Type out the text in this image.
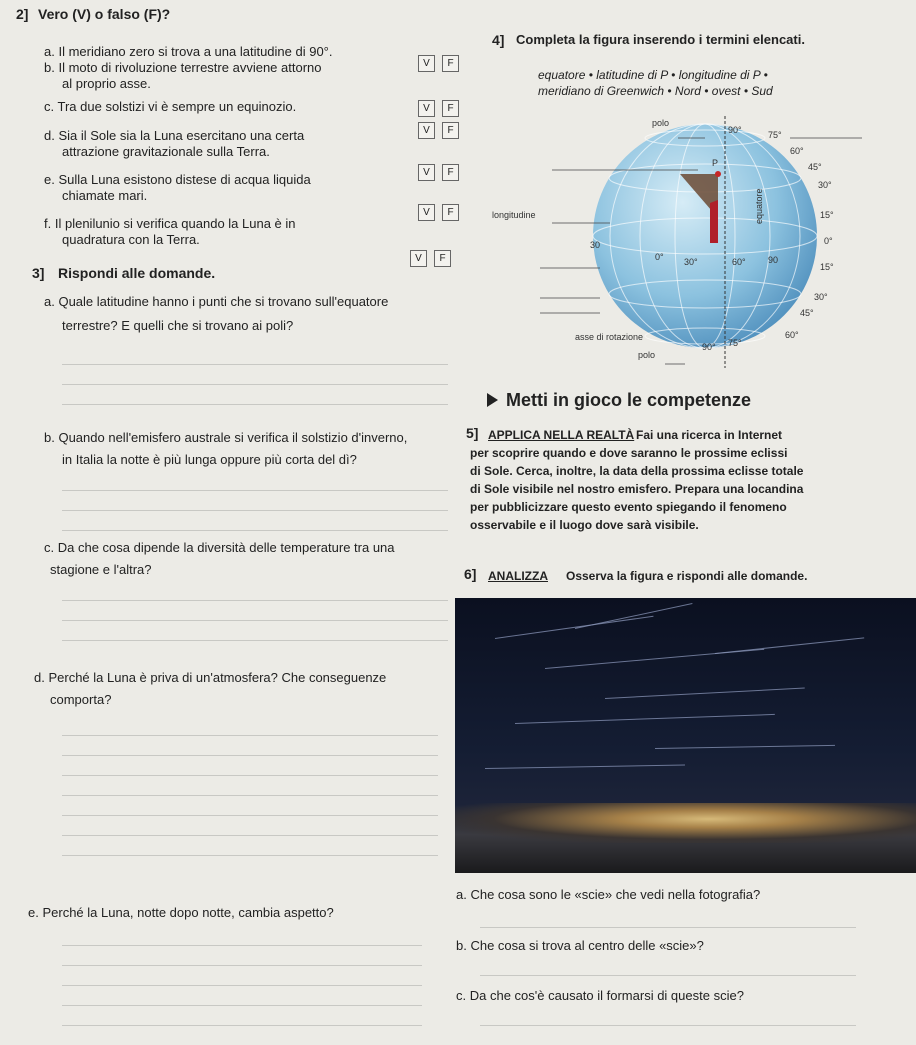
2] Vero (V) o falso (F)?
a. Il meridiano zero si trova a una latitudine di 90°.
V	F
b. Il moto di rivoluzione terrestre avviene attorno
al proprio asse.
V	F
c. Tra due solstizi vi è sempre un equinozio.
V	F
d. Sia il Sole sia la Luna esercitano una certa
attrazione gravitazionale sulla Terra.
V	F
e. Sulla Luna esistono distese di acqua liquida
chiamate mari.
V	F
f. Il plenilunio si verifica quando la Luna è in
quadratura con la Terra.
V	F
3] Rispondi alle domande.
a. Quale latitudine hanno i punti che si trovano sull'equatore
terrestre? E quelli che si trovano ai poli?
b. Quando nell'emisfero australe si verifica il solstizio d'inverno,
in Italia la notte è più lunga oppure più corta del dì?
c. Da che cosa dipende la diversità delle temperature tra una
stagione e l'altra?
d. Perché la Luna è priva di un'atmosfera? Che conseguenze
comporta?
e. Perché la Luna, notte dopo notte, cambia aspetto?
4] Completa la figura inserendo i termini elencati.
equatore • latitudine di P • longitudine di P •
meridiano di Greenwich • Nord • ovest • Sud
polo
90°	75°
60°
45°
30°
15°
0°
15°
30°
45°
60°
90° 75°
0° 30°	60° 90
30
P
longitudine
asse di rotazione
polo
equatore
Metti in gioco le competenze
5] APPLICA NELLA REALTÀ Fai una ricerca in Internet
per scoprire quando e dove saranno le prossime eclissi
di Sole. Cerca, inoltre, la data della prossima eclisse totale
di Sole visibile nel nostro emisfero. Prepara una locandina
per pubblicizzare questo evento spiegando il fenomeno
osservabile e il luogo dove sarà visibile.
6] ANALIZZA Osserva la figura e rispondi alle domande.
a. Che cosa sono le «scie» che vedi nella fotografia?
b. Che cosa si trova al centro delle «scie»?
c. Da che cos'è causato il formarsi di queste scie?
